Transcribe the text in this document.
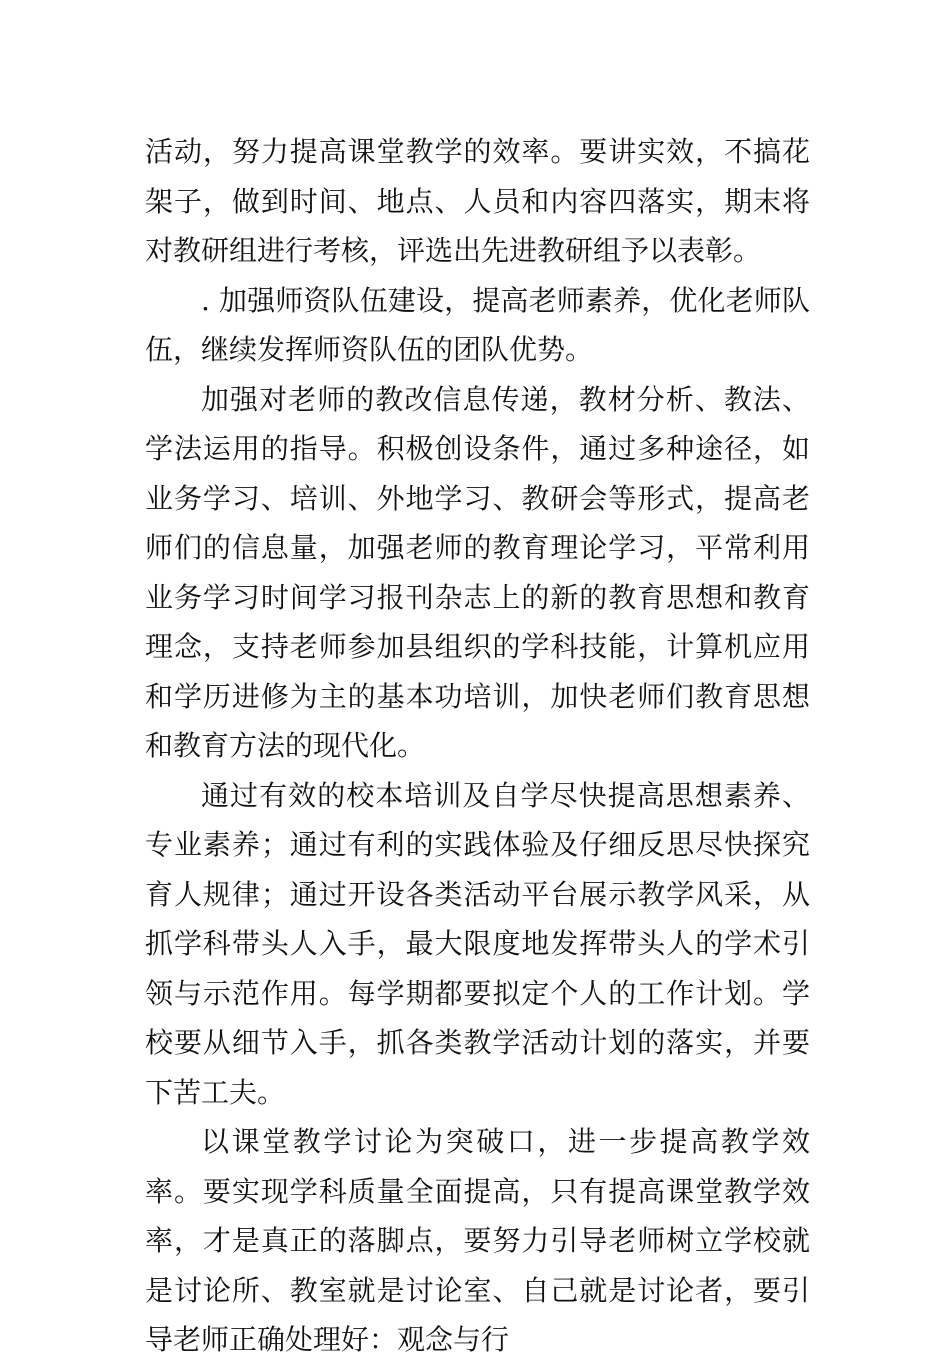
活动，努力提高课堂教学的效率。要讲实效，不搞花架子，做到时间、地点、人员和内容四落实，期末将对教研组进行考核，评选出先进教研组予以表彰。

. 加强师资队伍建设，提高老师素养，优化老师队伍，继续发挥师资队伍的团队优势。

加强对老师的教改信息传递，教材分析、教法、学法运用的指导。积极创设条件，通过多种途径，如业务学习、培训、外地学习、教研会等形式，提高老师们的信息量，加强老师的教育理论学习，平常利用业务学习时间学习报刊杂志上的新的教育思想和教育理念，支持老师参加县组织的学科技能，计算机应用和学历进修为主的基本功培训，加快老师们教育思想和教育方法的现代化。

通过有效的校本培训及自学尽快提高思想素养、专业素养；通过有利的实践体验及仔细反思尽快探究育人规律；通过开设各类活动平台展示教学风采，从抓学科带头人入手，最大限度地发挥带头人的学术引领与示范作用。每学期都要拟定个人的工作计划。学校要从细节入手，抓各类教学活动计划的落实，并要下苦工夫。

以课堂教学讨论为突破口，进一步提高教学效率。要实现学科质量全面提高，只有提高课堂教学效率，才是真正的落脚点，要努力引导老师树立学校就是讨论所、教室就是讨论室、自己就是讨论者，要引导老师正确处理好：观念与行
